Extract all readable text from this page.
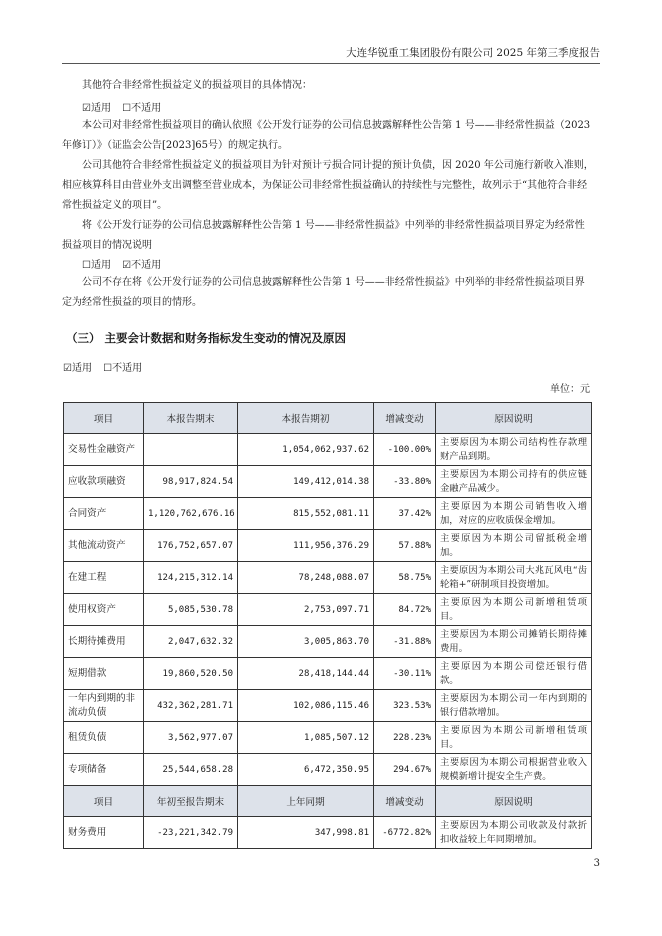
大连华锐重工集团股份有限公司 2025 年第三季度报告

其他符合非经常性损益定义的损益项目的具体情况：

☑适用 ☐不适用

本公司对非经常性损益项目的确认依照《公开发行证券的公司信息披露解释性公告第 1 号——非经常性损益（2023年修订）》（证监会公告[2023]65号）的规定执行。

公司其他符合非经常性损益定义的损益项目为针对预计亏损合同计提的预计负债，因 2020 年公司施行新收入准则，相应核算科目由营业外支出调整至营业成本，为保证公司非经常性损益确认的持续性与完整性，故列示于“其他符合非经常性损益定义的项目”。

将《公开发行证券的公司信息披露解释性公告第 1 号——非经常性损益》中列举的非经常性损益项目界定为经常性损益项目的情况说明

☐适用 ☑不适用

公司不存在将《公开发行证券的公司信息披露解释性公告第 1 号——非经常性损益》中列举的非经常性损益项目界定为经常性损益的项目的情形。

（三） 主要会计数据和财务指标发生变动的情况及原因
☑适用 ☐不适用
单位：元
项目	本报告期末	本报告期初	增减变动	原因说明
交易性金融资产		1,054,062,937.62	-100.00%	主要原因为本期公司结构性存款理财产品到期。
应收款项融资	98,917,824.54	149,412,014.38	-33.80%	主要原因为本期公司持有的供应链金融产品减少。
合同资产	1,120,762,676.16	815,552,081.11	37.42%	主要原因为本期公司销售收入增加，对应的应收质保金增加。
其他流动资产	176,752,657.07	111,956,376.29	57.88%	主要原因为本期公司留抵税金增加。
在建工程	124,215,312.14	78,248,088.07	58.75%	主要原因为本期公司大兆瓦风电“齿轮箱+”研制项目投资增加。
使用权资产	5,085,530.78	2,753,097.71	84.72%	主要原因为本期公司新增租赁项目。
长期待摊费用	2,047,632.32	3,005,863.70	-31.88%	主要原因为本期公司摊销长期待摊费用。
短期借款	19,860,520.50	28,418,144.44	-30.11%	主要原因为本期公司偿还银行借款。
一年内到期的非流动负债	432,362,281.71	102,086,115.46	323.53%	主要原因为本期公司一年内到期的银行借款增加。
租赁负债	3,562,977.07	1,085,507.12	228.23%	主要原因为本期公司新增租赁项目。
专项储备	25,544,658.28	6,472,350.95	294.67%	主要原因为本期公司根据营业收入规模新增计提安全生产费。
项目	年初至报告期末	上年同期	增减变动	原因说明
财务费用	-23,221,342.79	347,998.81	-6772.82%	主要原因为本期公司收款及付款折扣收益较上年同期增加。
3
